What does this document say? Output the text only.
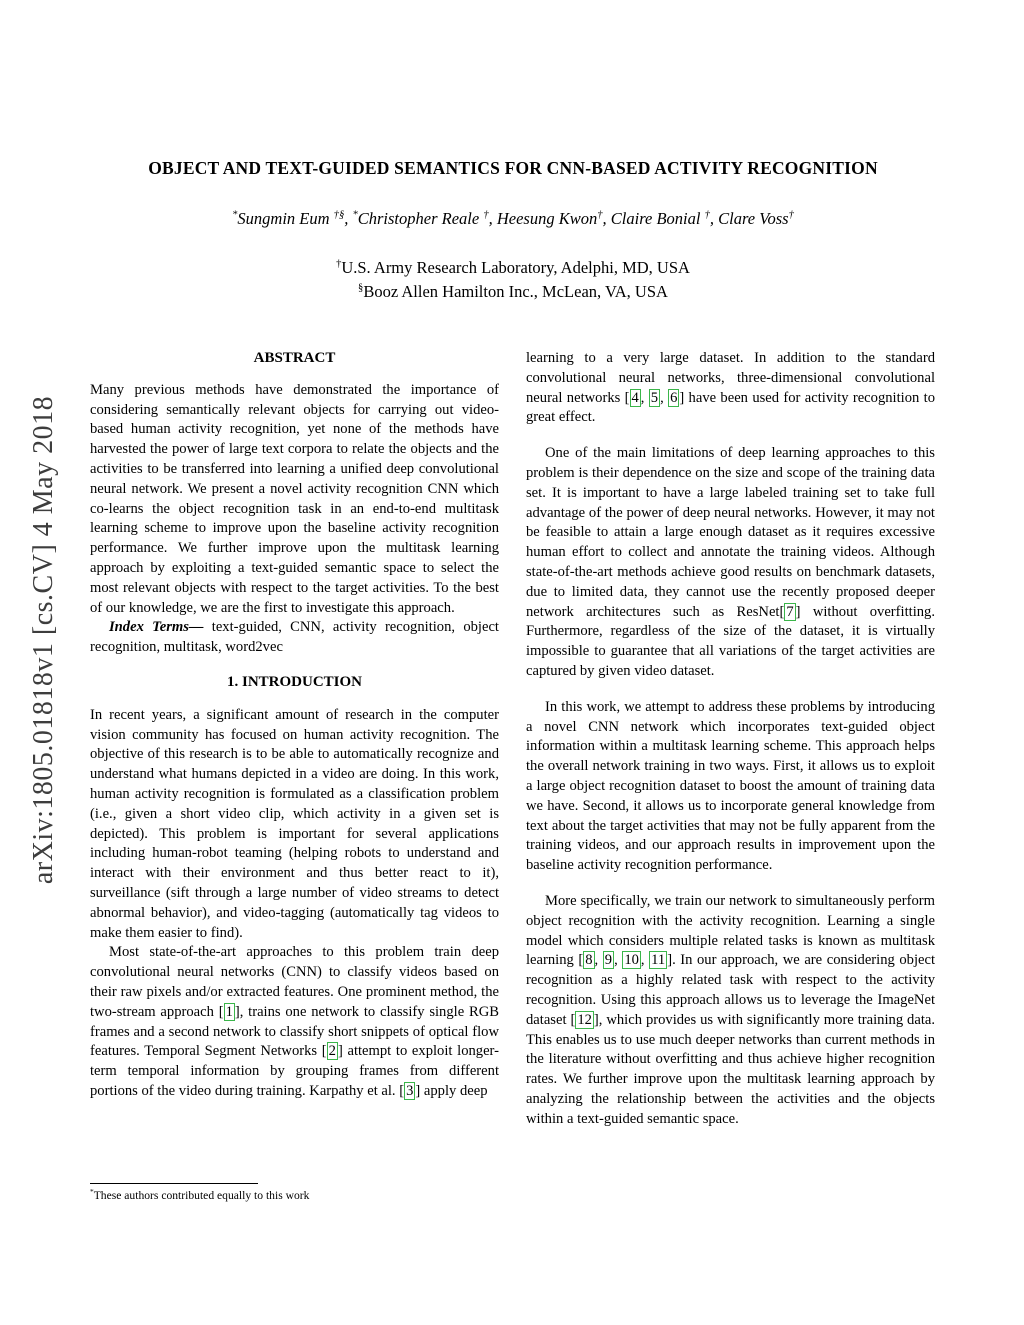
arXiv:1805.01818v1 [cs.CV] 4 May 2018
OBJECT AND TEXT-GUIDED SEMANTICS FOR CNN-BASED ACTIVITY RECOGNITION
*Sungmin Eum †§, *Christopher Reale †, Heesung Kwon†, Claire Bonial †, Clare Voss†
†U.S. Army Research Laboratory, Adelphi, MD, USA
§Booz Allen Hamilton Inc., McLean, VA, USA
ABSTRACT

Many previous methods have demonstrated the importance of considering semantically relevant objects for carrying out video-based human activity recognition, yet none of the methods have harvested the power of large text corpora to relate the objects and the activities to be transferred into learning a unified deep convolutional neural network. We present a novel activity recognition CNN which co-learns the object recognition task in an end-to-end multitask learning scheme to improve upon the baseline activity recognition performance. We further improve upon the multitask learning approach by exploiting a text-guided semantic space to select the most relevant objects with respect to the target activities. To the best of our knowledge, we are the first to investigate this approach.

Index Terms— text-guided, CNN, activity recognition, object recognition, multitask, word2vec

1. INTRODUCTION

In recent years, a significant amount of research in the computer vision community has focused on human activity recognition. The objective of this research is to be able to automatically recognize and understand what humans depicted in a video are doing. In this work, human activity recognition is formulated as a classification problem (i.e., given a short video clip, which activity in a given set is depicted). This problem is important for several applications including human-robot teaming (helping robots to understand and interact with their environment and thus better react to it), surveillance (sift through a large number of video streams to detect abnormal behavior), and video-tagging (automatically tag videos to make them easier to find).

Most state-of-the-art approaches to this problem train deep convolutional neural networks (CNN) to classify videos based on their raw pixels and/or extracted features. One prominent method, the two-stream approach [ 1 ], trains one network to classify single RGB frames and a second network to classify short snippets of optical flow features. Temporal Segment Networks [ 2 ] attempt to exploit longer-term temporal information by grouping frames from different portions of the video during training. Karpathy et al. [ 3 ] apply deep

learning to a very large dataset. In addition to the standard convolutional neural networks, three-dimensional convolutional neural networks [ 4 , 5 , 6 ] have been used for activity recognition to great effect.

One of the main limitations of deep learning approaches to this problem is their dependence on the size and scope of the training data set. It is important to have a large labeled training set to take full advantage of the power of deep neural networks. However, it may not be feasible to attain a large enough dataset as it requires excessive human effort to collect and annotate the training videos. Although state-of-the-art methods achieve good results on benchmark datasets, due to limited data, they cannot use the recently proposed deeper network architectures such as ResNet[ 7 ] without overfitting. Furthermore, regardless of the size of the dataset, it is virtually impossible to guarantee that all variations of the target activities are captured by given video dataset.

In this work, we attempt to address these problems by introducing a novel CNN network which incorporates text-guided object information within a multitask learning scheme. This approach helps the overall network training in two ways. First, it allows us to exploit a large object recognition dataset to boost the amount of training data we have. Second, it allows us to incorporate general knowledge from text about the target activities that may not be fully apparent from the training videos, and our approach results in improvement upon the baseline activity recognition performance.

More specifically, we train our network to simultaneously perform object recognition with the activity recognition. Learning a single model which considers multiple related tasks is known as multitask learning [ 8 , 9 , 10 , 11 ]. In our approach, we are considering object recognition as a highly related task with respect to the activity recognition. Using this approach allows us to leverage the ImageNet dataset [ 12 ], which provides us with significantly more training data. This enables us to use much deeper networks than current methods in the literature without overfitting and thus achieve higher recognition rates. We further improve upon the multitask learning approach by analyzing the relationship between the activities and the objects within a text-guided semantic space.

*These authors contributed equally to this work
